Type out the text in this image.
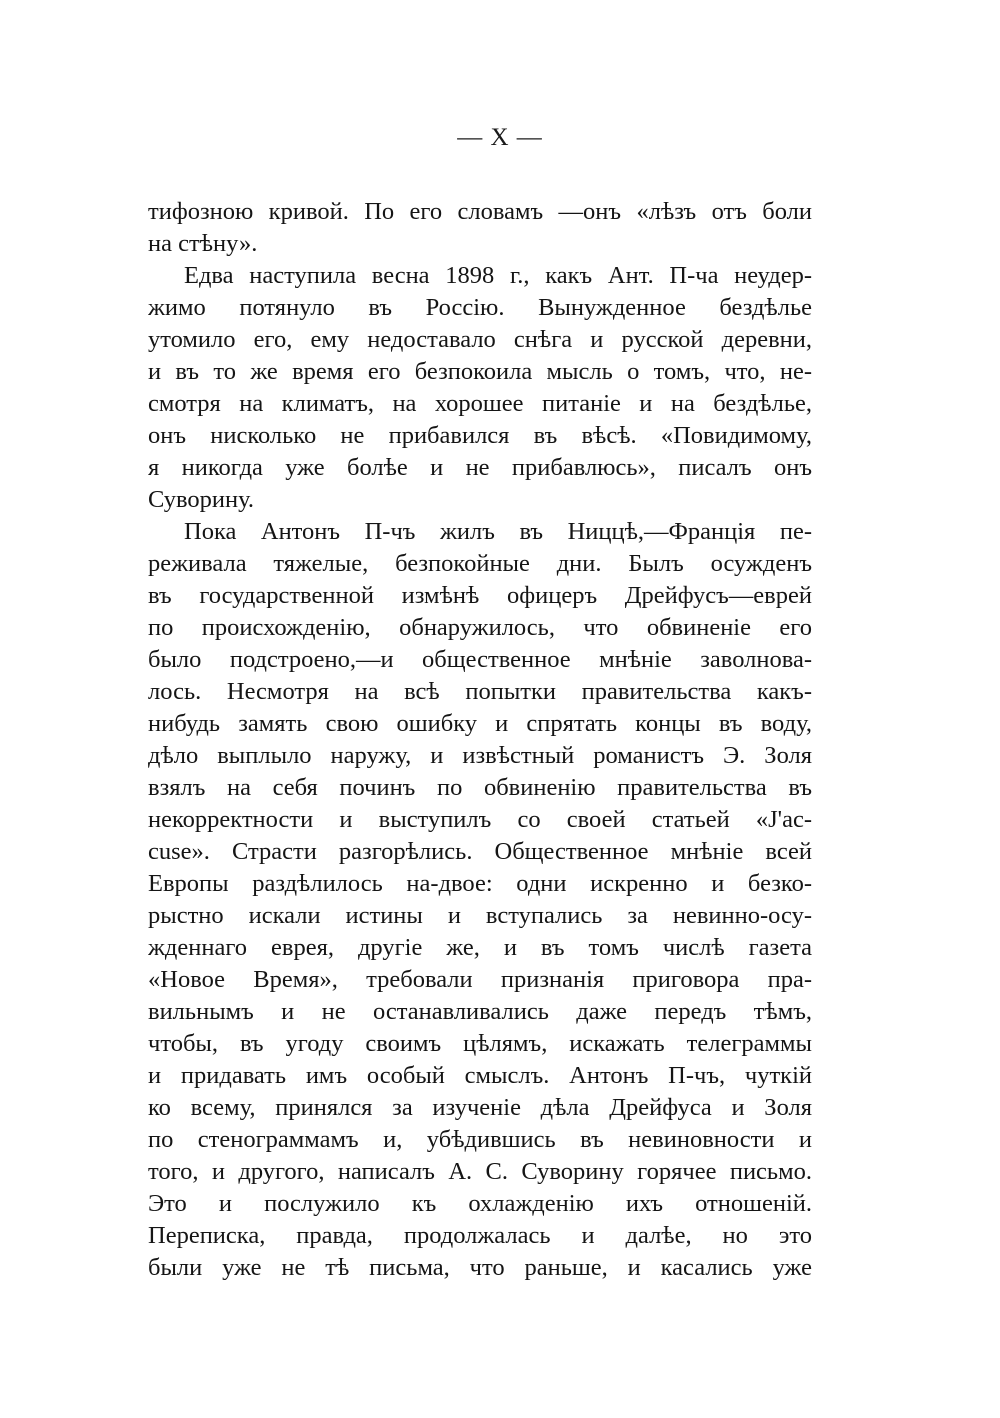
— X —

тифозною кривой. По его словамъ —онъ «лѣзъ отъ боли
на стѣну».

Едва наступила весна 1898 г., какъ Ант. П-ча неудер-
жимо потянуло въ Россію. Вынужденное бездѣлье
утомило его, ему недоставало снѣга и русской деревни,
и въ то же время его безпокоила мысль о томъ, что, не-
смотря на климатъ, на хорошее питаніе и на бездѣлье,
онъ нисколько не прибавился въ вѣсѣ. «Повидимому,
я никогда уже болѣе и не прибавлюсь», писалъ онъ
Суворину.

Пока Антонъ П-чъ жилъ въ Ниццѣ,—Франція пе-
реживала тяжелые, безпокойные дни. Былъ осужденъ
въ государственной измѣнѣ офицеръ Дрейфусъ—еврей
по происхожденію, обнаружилось, что обвиненіе его
было подстроено,—и общественное мнѣніе заволнова-
лось. Несмотря на всѣ попытки правительства какъ-
нибудь замять свою ошибку и спрятать концы въ воду,
дѣло выплыло наружу, и извѣстный романистъ Э. Золя
взялъ на себя починъ по обвиненію правительства въ
некорректности и выступилъ со своей статьей «J'ac-
cuse». Страсти разгорѣлись. Общественное мнѣніе всей
Европы раздѣлилось на-двое: одни искренно и безко-
рыстно искали истины и вступались за невинно-осу-
жденнаго еврея, другіе же, и въ томъ числѣ газета
«Новое Время», требовали признанія приговора пра-
вильнымъ и не останавливались даже передъ тѣмъ,
чтобы, въ угоду своимъ цѣлямъ, искажать телеграммы
и придавать имъ особый смыслъ. Антонъ П-чъ, чуткій
ко всему, принялся за изученіе дѣла Дрейфуса и Золя
по стенограммамъ и, убѣдившись въ невиновности и
того, и другого, написалъ А. С. Суворину горячее письмо.
Это и послужило къ охлажденію ихъ отношеній.
Переписка, правда, продолжалась и далѣе, но это
были уже не тѣ письма, что раньше, и касались уже
